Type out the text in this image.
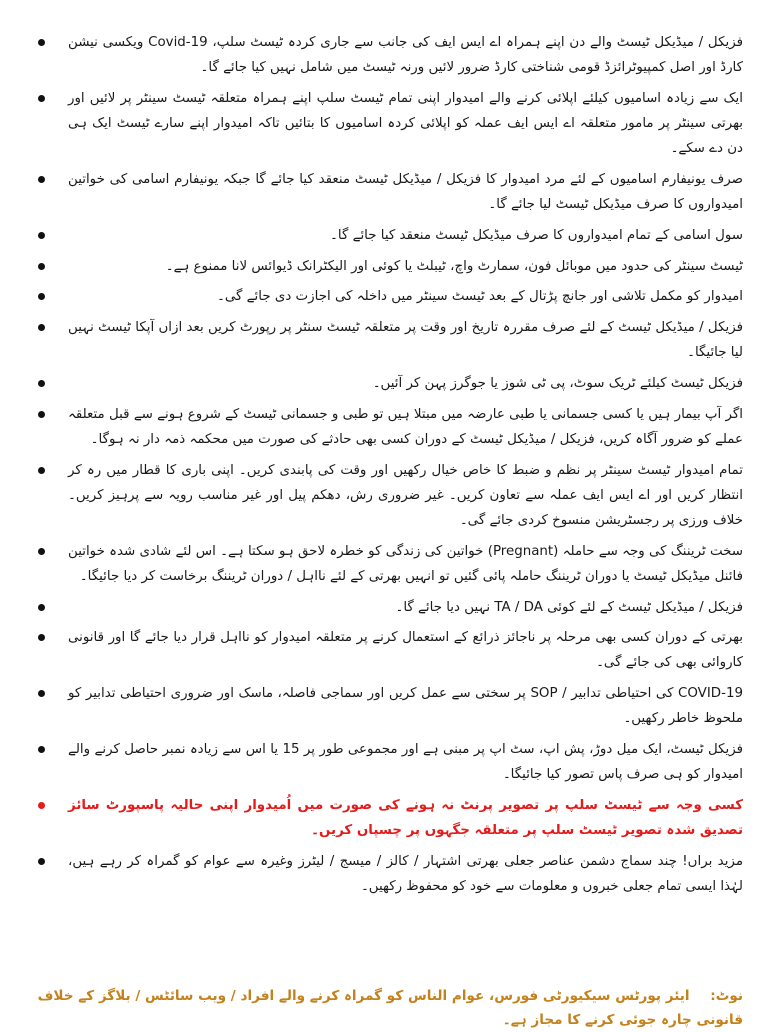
فزیکل / میڈیکل ٹیسٹ والے دن اپنے ہمراہ اے ایس ایف کی جانب سے جاری کردہ ٹیسٹ سلپ، Covid-19 ویکسی نیشن کارڈ اور اصل کمپیوٹرائزڈ قومی شناختی کارڈ ضرور لائیں ورنہ ٹیسٹ میں شامل نہیں کیا جائے گا۔
ایک سے زیادہ اسامیوں کیلئے اپلائی کرنے والے امیدوار اپنی تمام ٹیسٹ سلپ اپنے ہمراہ متعلقہ ٹیسٹ سینٹر پر لائیں اور بھرتی سینٹر پر مامور متعلقہ اے ایس ایف عملہ کو اپلائی کردہ اسامیوں کا بتائیں تاکہ امیدوار اپنے سارے ٹیسٹ ایک ہی دن دے سکے۔
صرف یونیفارم اسامیوں کے لئے مرد امیدوار کا فزیکل / میڈیکل ٹیسٹ منعقد کیا جائے گا جبکہ یونیفارم اسامی کی خواتین امیدواروں کا صرف میڈیکل ٹیسٹ لیا جائے گا۔
سول اسامی کے تمام امیدواروں کا صرف میڈیکل ٹیسٹ منعقد کیا جائے گا۔
ٹیسٹ سینٹر کی حدود میں موبائل فون، سمارٹ واچ، ٹیبلٹ یا کوئی اور الیکٹرانک ڈیوائس لانا ممنوع ہے۔
امیدوار کو مکمل تلاشی اور جانچ پڑتال کے بعد ٹیسٹ سینٹر میں داخلہ کی اجازت دی جائے گی۔
فزیکل / میڈیکل ٹیسٹ کے لئے صرف مقررہ تاریخ اور وقت پر متعلقہ ٹیسٹ سنٹر پر رپورٹ کریں بعد ازاں آپکا ٹیسٹ نہیں لیا جائیگا۔
فزیکل ٹیسٹ کیلئے ٹریک سوٹ، پی ٹی شوز یا جوگرز پہن کر آئیں۔
اگر آپ بیمار ہیں یا کسی جسمانی یا طبی عارضہ میں مبتلا ہیں تو طبی و جسمانی ٹیسٹ کے شروع ہونے سے قبل متعلقہ عملے کو ضرور آگاہ کریں، فزیکل / میڈیکل ٹیسٹ کے دوران کسی بھی حادثے کی صورت میں محکمہ ذمہ دار نہ ہوگا۔
تمام امیدوار ٹیسٹ سینٹر پر نظم و ضبط کا خاص خیال رکھیں اور وقت کی پابندی کریں۔ اپنی باری کا قطار میں رہ کر انتظار کریں اور اے ایس ایف عملہ سے تعاون کریں۔ غیر ضروری رش، دھکم پیل اور غیر مناسب رویہ سے پرہیز کریں۔ خلاف ورزی پر رجسٹریشن منسوخ کردی جائے گی۔
سخت ٹریننگ کی وجہ سے حاملہ (Pregnant) خواتین کی زندگی کو خطرہ لاحق ہو سکتا ہے۔ اس لئے شادی شدہ خواتین فائنل میڈیکل ٹیسٹ یا دوران ٹریننگ حاملہ پائی گئیں تو انہیں بھرتی کے لئے نااہل / دوران ٹریننگ برخاست کر دیا جائیگا۔
فزیکل / میڈیکل ٹیسٹ کے لئے کوئی TA / DA نہیں دیا جائے گا۔
بھرتی کے دوران کسی بھی مرحلہ پر ناجائز ذرائع کے استعمال کرنے پر متعلقہ امیدوار کو نااہل قرار دیا جائے گا اور قانونی کاروائی بھی کی جائے گی۔
COVID-19 کی احتیاطی تدابیر / SOP پر سختی سے عمل کریں اور سماجی فاصلہ، ماسک اور ضروری احتیاطی تدابیر کو ملحوظ خاطر رکھیں۔
فزیکل ٹیسٹ، ایک میل دوڑ، پش اپ، سٹ اپ پر مبنی ہے اور مجموعی طور پر 15 یا اس سے زیادہ نمبر حاصل کرنے والے امیدوار کو ہی صرف پاس تصور کیا جائیگا۔
کسی وجہ سے ٹیسٹ سلپ پر تصویر پرنٹ نہ ہونے کی صورت میں اُمیدوار اپنی حالیہ پاسپورٹ سائز تصدیق شدہ تصویر ٹیسٹ سلپ پر متعلقہ جگہوں پر چسپاں کریں۔
مزید براں! چند سماج دشمن عناصر جعلی بھرتی اشتہار / کالز / میسج / لیٹرز وغیرہ سے عوام کو گمراہ کر رہے ہیں، لہٰذا ایسی تمام جعلی خبروں و معلومات سے خود کو محفوظ رکھیں۔
نوٹ: ایئر پورٹس سیکیورٹی فورس، عوام الناس کو گمراہ کرنے والے افراد / ویب سائٹس / بلاگز کے خلاف قانونی چارہ جوئی کرنے کا مجاز ہے۔
